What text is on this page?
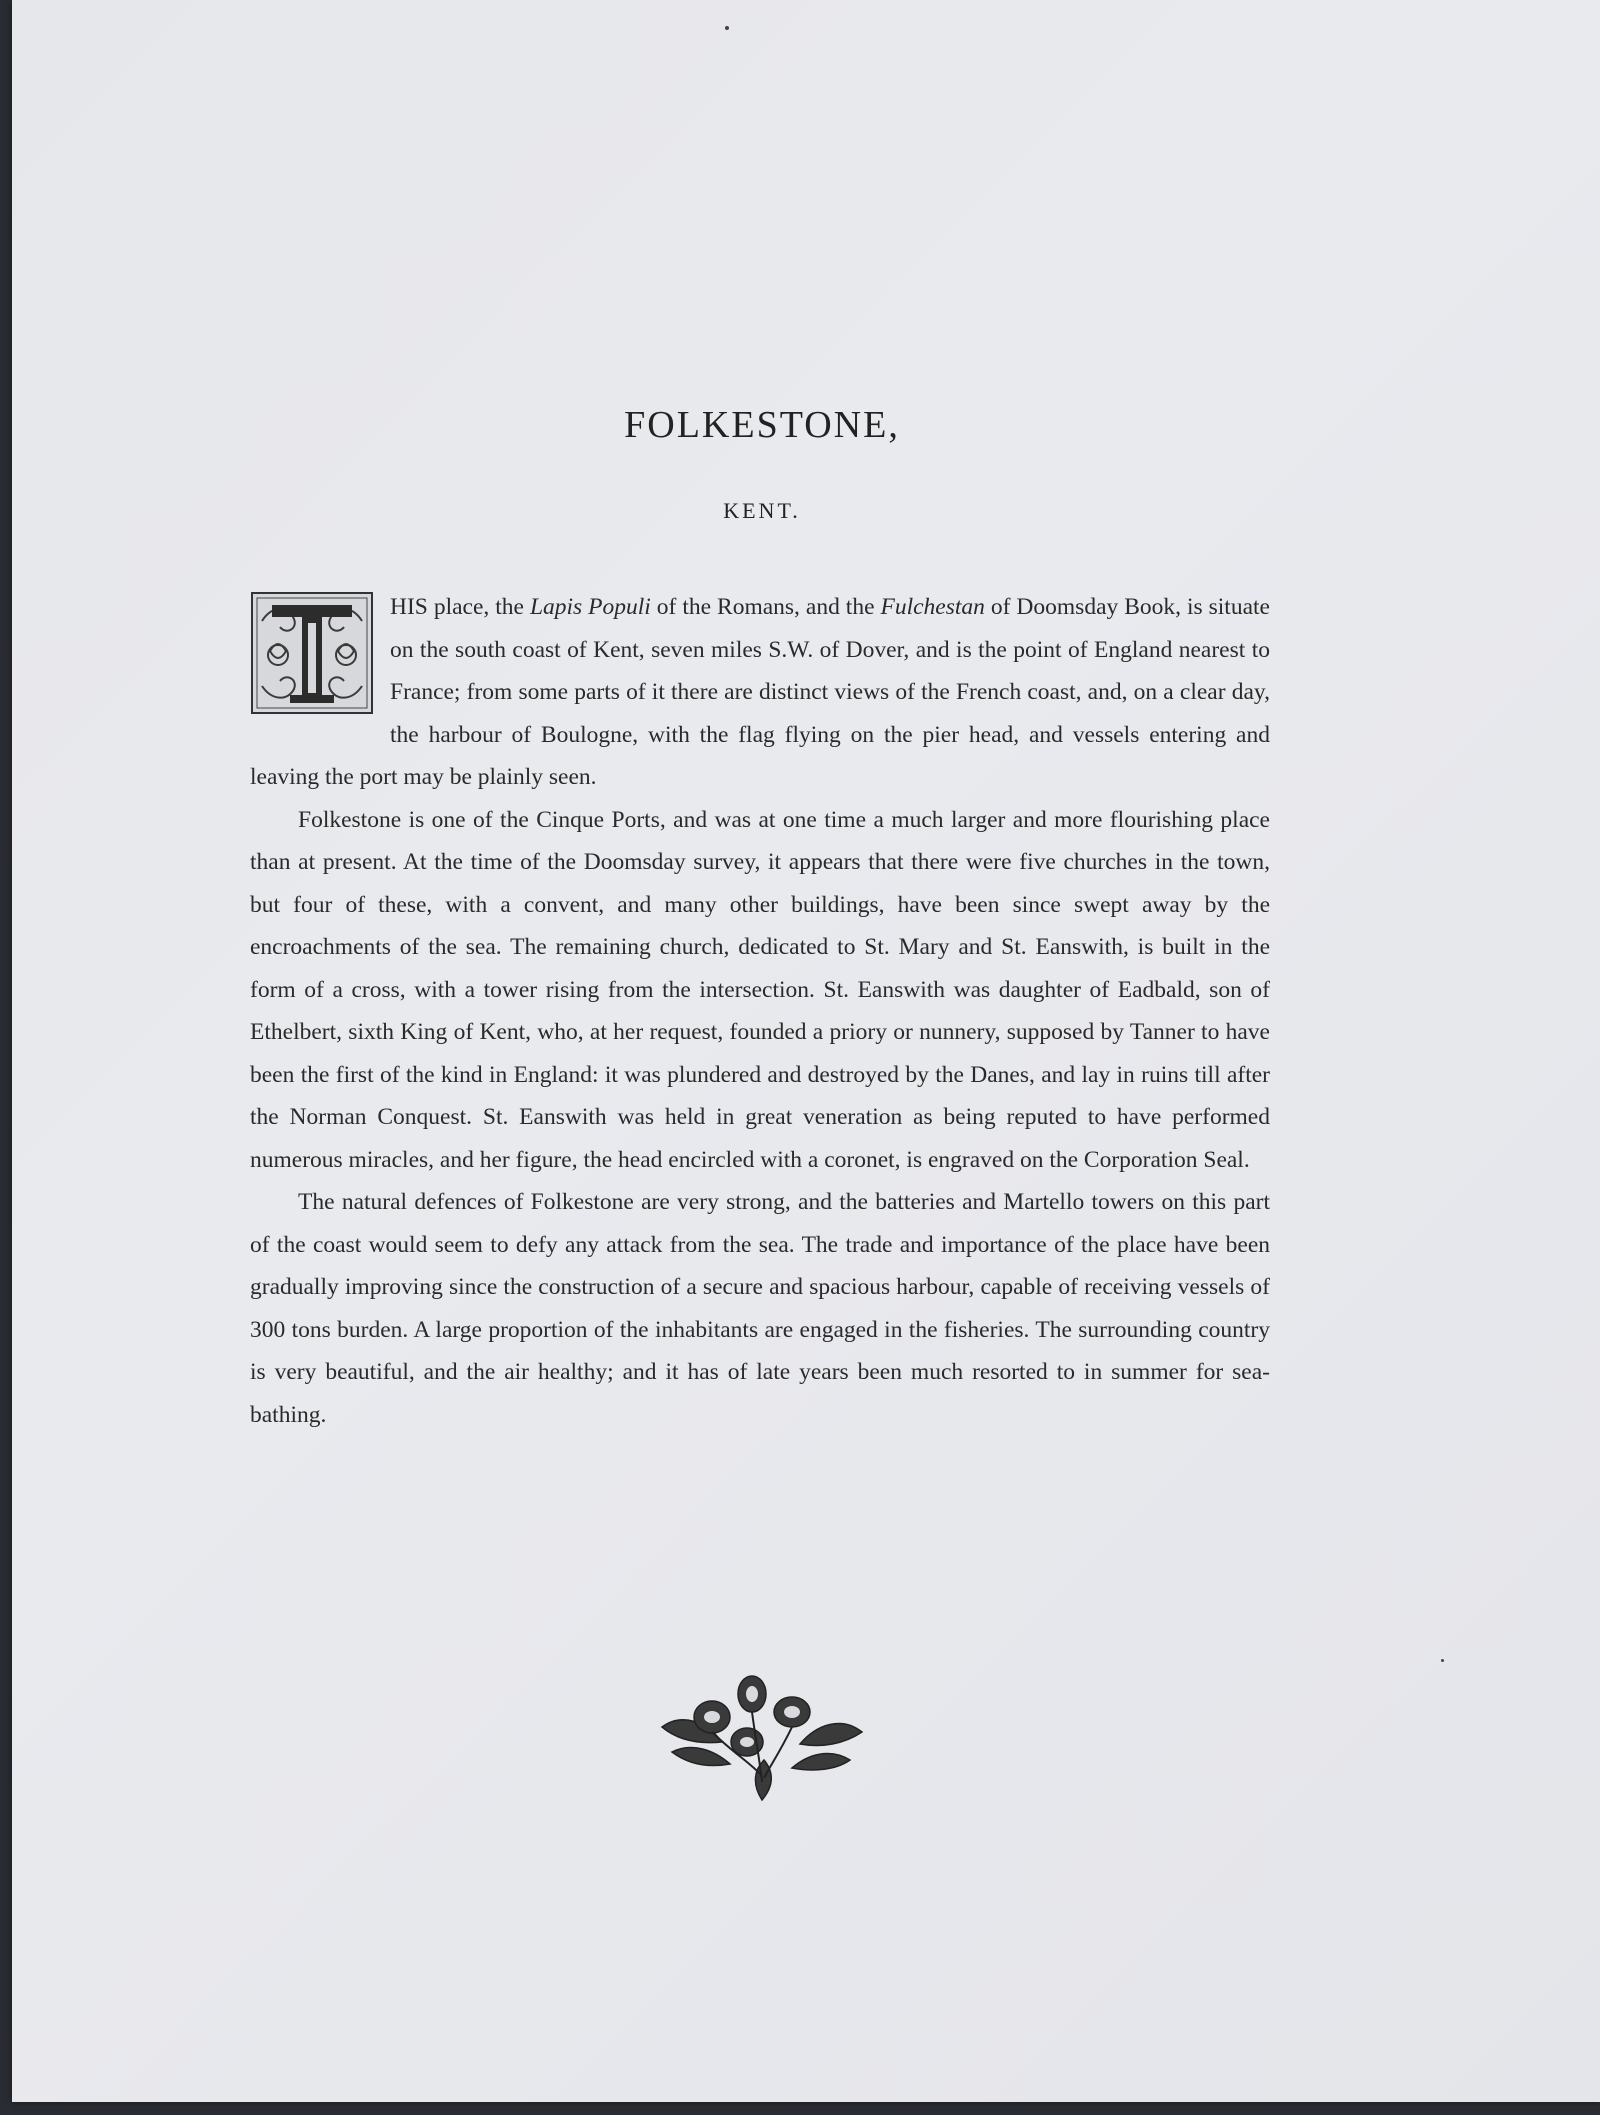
FOLKESTONE,
KENT.

HIS place, the Lapis Populi of the Romans, and the Fulchestan of Doomsday Book, is situate on the south coast of Kent, seven miles S.W. of Dover, and is the point of England nearest to France; from some parts of it there are distinct views of the French coast, and, on a clear day, the harbour of Boulogne, with the flag flying on the pier head, and vessels entering and leaving the port may be plainly seen.

Folkestone is one of the Cinque Ports, and was at one time a much larger and more flourishing place than at present. At the time of the Doomsday survey, it appears that there were five churches in the town, but four of these, with a convent, and many other buildings, have been since swept away by the encroachments of the sea. The remaining church, dedicated to St. Mary and St. Eanswith, is built in the form of a cross, with a tower rising from the intersection. St. Eanswith was daughter of Eadbald, son of Ethelbert, sixth King of Kent, who, at her request, founded a priory or nunnery, supposed by Tanner to have been the first of the kind in England: it was plundered and destroyed by the Danes, and lay in ruins till after the Norman Conquest. St. Eanswith was held in great veneration as being reputed to have performed numerous miracles, and her figure, the head encircled with a coronet, is engraved on the Corporation Seal.

The natural defences of Folkestone are very strong, and the batteries and Martello towers on this part of the coast would seem to defy any attack from the sea. The trade and importance of the place have been gradually improving since the construction of a secure and spacious harbour, capable of receiving vessels of 300 tons burden. A large proportion of the inhabitants are engaged in the fisheries. The surrounding country is very beautiful, and the air healthy; and it has of late years been much resorted to in summer for sea-bathing.
